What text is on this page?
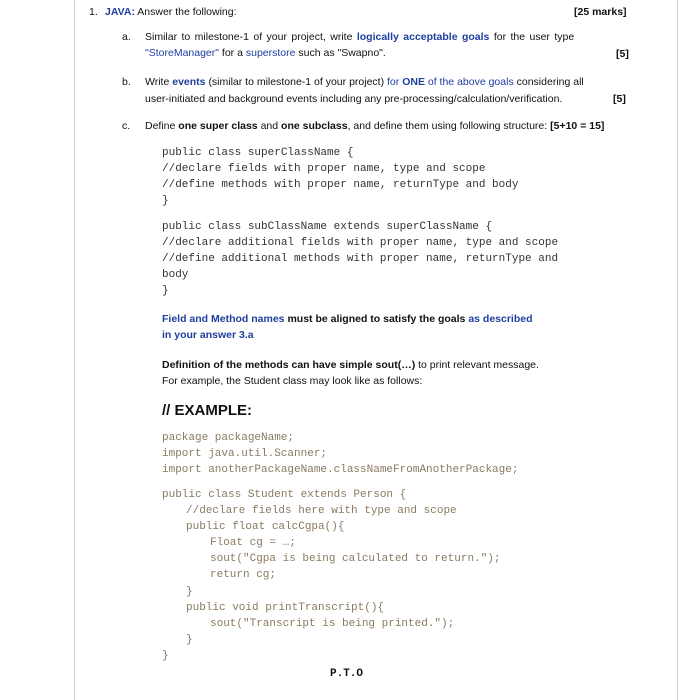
1. JAVA: Answer the following:	[25 marks]
a. Similar to milestone-1 of your project, write logically acceptable goals for the user type
"StoreManager" for a superstore such as "Swapno".	[5]
b. Write events (similar to milestone-1 of your project) for ONE of the above goals considering all
user-initiated and background events including any pre-processing/calculation/verification.	[5]
c. Define one super class and one subclass, and define them using following structure: [5+10 = 15]
public class superClassName {
//declare fields with proper name, type and scope
//define methods with proper name, returnType and body
}
public class subClassName extends superClassName {
//declare additional fields with proper name, type and scope
//define additional methods with proper name, returnType and
body
}
Field and Method names must be aligned to satisfy the goals as described
in your answer 3.a
Definition of the methods can have simple sout(…) to print relevant message.
For example, the Student class may look like as follows:
// EXAMPLE:
package packageName;
import java.util.Scanner;
import anotherPackageName.classNameFromAnotherPackage;
public class Student extends Person {
//declare fields here with type and scope
public float calcCgpa(){
Float cg = …;
sout("Cgpa is being calculated to return.");
return cg;
}
public void printTranscript(){
sout("Transcript is being printed.");
}
}
P.T.O
